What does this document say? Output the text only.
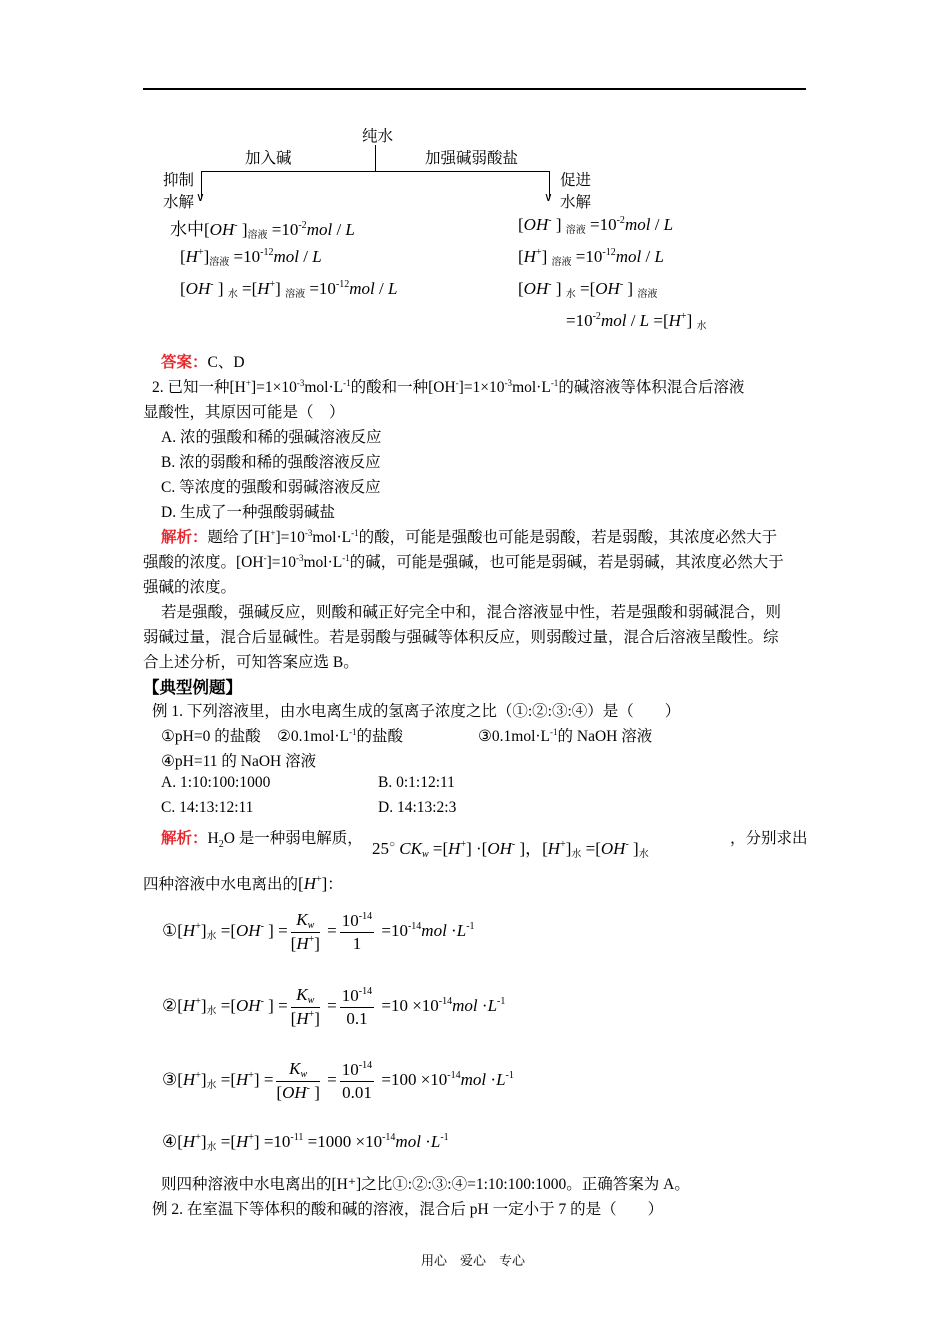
纯水
∨	∨
加入碱	加强碱弱酸盐
抑制
水解
促进
水解
水中[OH- ]$_{溶液} =10^{-2}mol / L$
$[H^+]_{溶液} =10^{-12}mol / L$
[OH- ] $_水$ =[H+] $_{溶液} =10^{-12}mol / L$
[OH- ] $_{溶液} =10^{-2}mol / L$
[H+] $_{溶液} =10^{-12}mol / L$
[OH- ] $_水$ =[OH- ] $_{溶液}$
$=10^{-2}mol / L =[H^+]$ $_水$
答案：C、D
2. 已知一种$[H^+]=1\times 10^{-3}mol\cdot L^{-1}$的酸和一种$[OH^-]=1\times 10^{-3}mol\cdot L^{-1}$的碱溶液等体积混合后溶液
显酸性，其原因可能是（　）
A. 浓的强酸和稀的强碱溶液反应
B. 浓的弱酸和稀的强酸溶液反应
C. 等浓度的强酸和弱碱溶液反应
D. 生成了一种强酸弱碱盐
解析：题给了$[H^+]=10^{-3}mol\cdot L^{-1}$的酸，可能是强酸也可能是弱酸，若是弱酸，其浓度必然大于
强酸的浓度。$[OH^-]=10^{-3}mol\cdot L^{-1}$的碱，可能是强碱，也可能是弱碱，若是弱碱，其浓度必然大于
强碱的浓度。
若是强酸，强碱反应，则酸和碱正好完全中和，混合溶液显中性，若是强酸和弱碱混合，则
弱碱过量，混合后显碱性。若是弱酸与强碱等体积反应，则弱酸过量，混合后溶液呈酸性。综
合上述分析，可知答案应选 B。
【典型例题】
例 1. 下列溶液里，由水电离生成的氢离子浓度之比（①:②:③:④）是（　　）
①pH=0 的盐酸 $②0.1mol\cdot L^{-1}$的盐酸	$③0.1mol\cdot L^{-1}$的 NaOH 溶液
④pH=11 的 NaOH 溶液
A. 1:10:100:1000	B. 0:1:12:11
C. 14:13:12:11	D. 14:13:2:3
解析：$H_2O$ 是一种弱电解质，
25○ $CK_w =[H^+] \cdot[OH^-$ ]，$[H^+]_水 =[OH^-$ ]$_水$
，分别求出
四种溶液中水电离出的[H+]：
$①[H^+]_水 =[OH^-$ ] = $\frac{K_w}{[H^+]} = \frac{10^{-14}}{1} =10^{-14}mol \cdot L^{-1}$
$②[H^+]_水 =[OH^-$ ] = $\frac{K_w}{[H^+]} = \frac{10^{-14}}{0.1} =10 \times 10^{-14}mol \cdot L^{-1}$
$③[H^+]_水 =[H^+] = \frac{K_w}{[OH^- ]} = \frac{10^{-14}}{0.01} =100 \times 10^{-14}mol \cdot L^{-1}$
$④[H^+]_水 =[H^+] =10^{-11} =1000 \times 10^{-14}mol \cdot L^{-1}$
则四种溶液中水电离出的[H⁺]之比①:②:③:④=1:10:100:1000。正确答案为 A。
例 2. 在室温下等体积的酸和碱的溶液，混合后 pH 一定小于 7 的是（　　）
用心　爱心　专心
